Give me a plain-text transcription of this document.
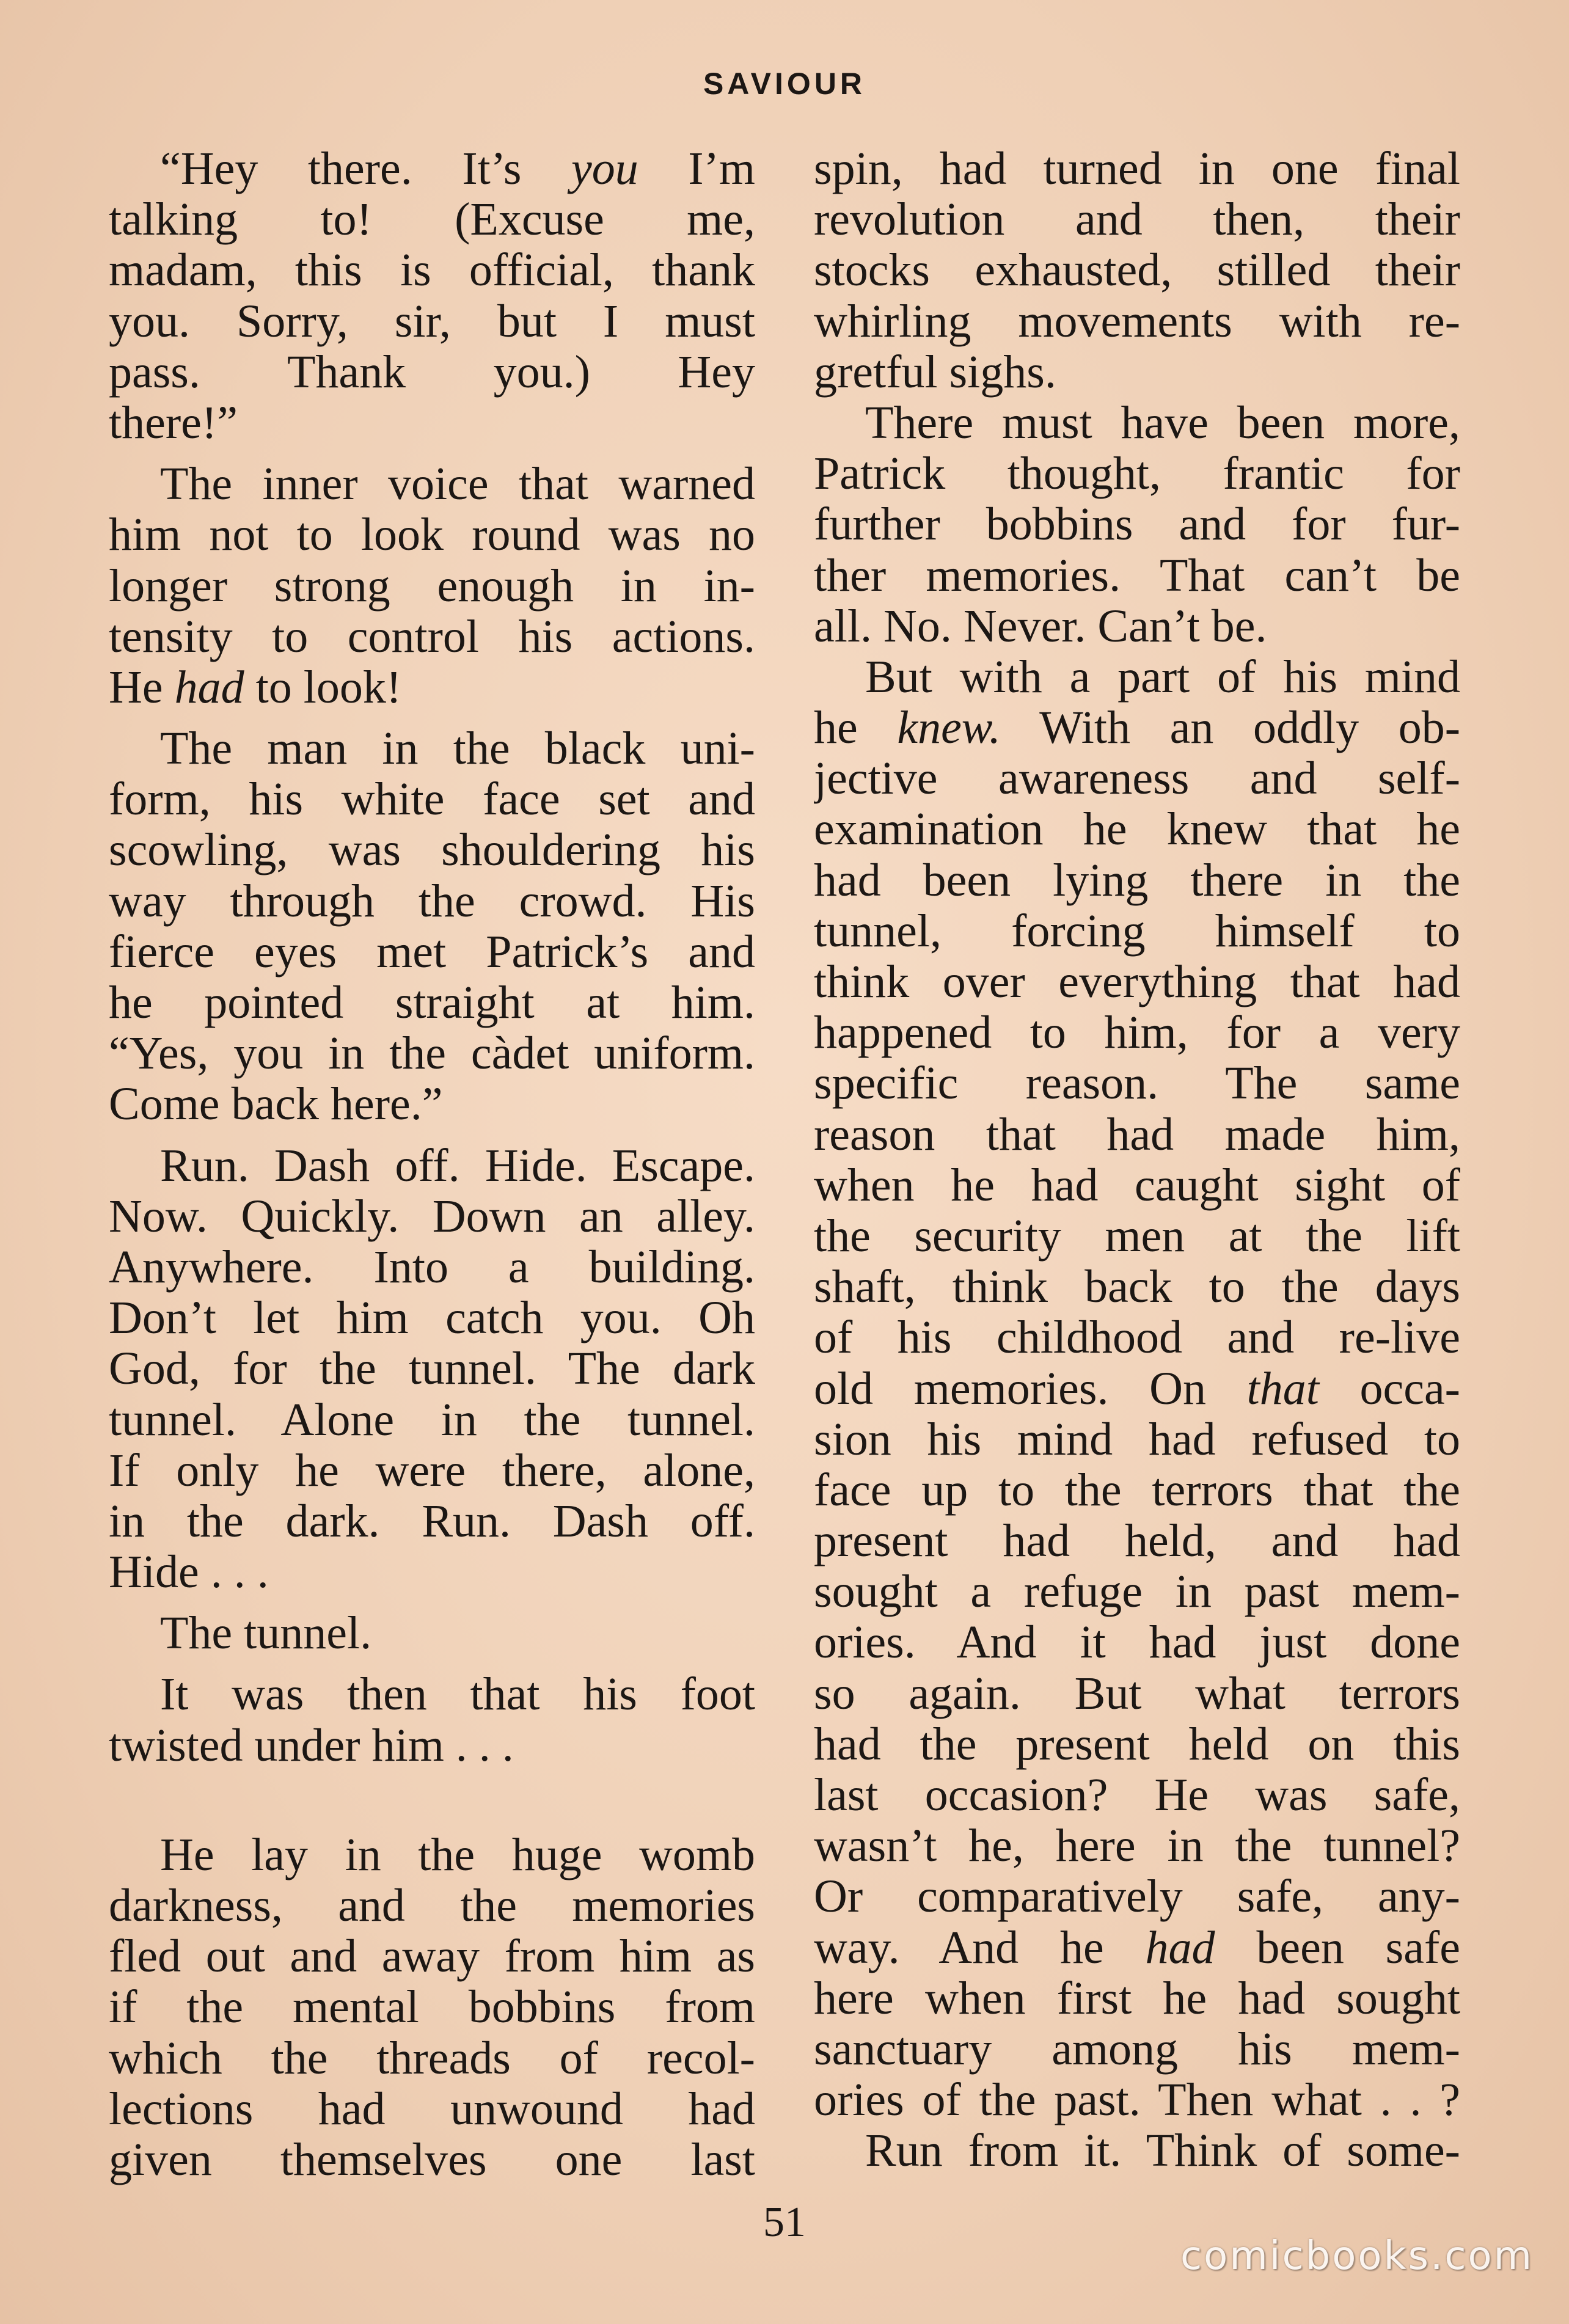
SAVIOUR
“Hey there. It’s you I’m
talking to! (Excuse me,
madam, this is official, thank
you. Sorry, sir, but I must
pass. Thank you.) Hey
there!”
The inner voice that warned
him not to look round was no
longer strong enough in in-
tensity to control his actions.
He had to look!
The man in the black uni-
form, his white face set and
scowling, was shouldering his
way through the crowd. His
fierce eyes met Patrick’s and
he pointed straight at him.
“Yes, you in the càdet uniform.
Come back here.”
Run. Dash off. Hide. Escape.
Now. Quickly. Down an alley.
Anywhere. Into a building.
Don’t let him catch you. Oh
God, for the tunnel. The dark
tunnel. Alone in the tunnel.
If only he were there, alone,
in the dark. Run. Dash off.
Hide . . .
The tunnel.
It was then that his foot
twisted under him . . .
He lay in the huge womb
darkness, and the memories
fled out and away from him as
if the mental bobbins from
which the threads of recol-
lections had unwound had
given themselves one last
spin, had turned in one final
revolution and then, their
stocks exhausted, stilled their
whirling movements with re-
gretful sighs.
There must have been more,
Patrick thought, frantic for
further bobbins and for fur-
ther memories. That can’t be
all. No. Never. Can’t be.
But with a part of his mind
he knew. With an oddly ob-
jective awareness and self-
examination he knew that he
had been lying there in the
tunnel, forcing himself to
think over everything that had
happened to him, for a very
specific reason. The same
reason that had made him,
when he had caught sight of
the security men at the lift
shaft, think back to the days
of his childhood and re-live
old memories. On that occa-
sion his mind had refused to
face up to the terrors that the
present had held, and had
sought a refuge in past mem-
ories. And it had just done
so again. But what terrors
had the present held on this
last occasion? He was safe,
wasn’t he, here in the tunnel?
Or comparatively safe, any-
way. And he had been safe
here when first he had sought
sanctuary among his mem-
ories of the past. Then what . . ?
Run from it. Think of some-
51
comicbooks.com
